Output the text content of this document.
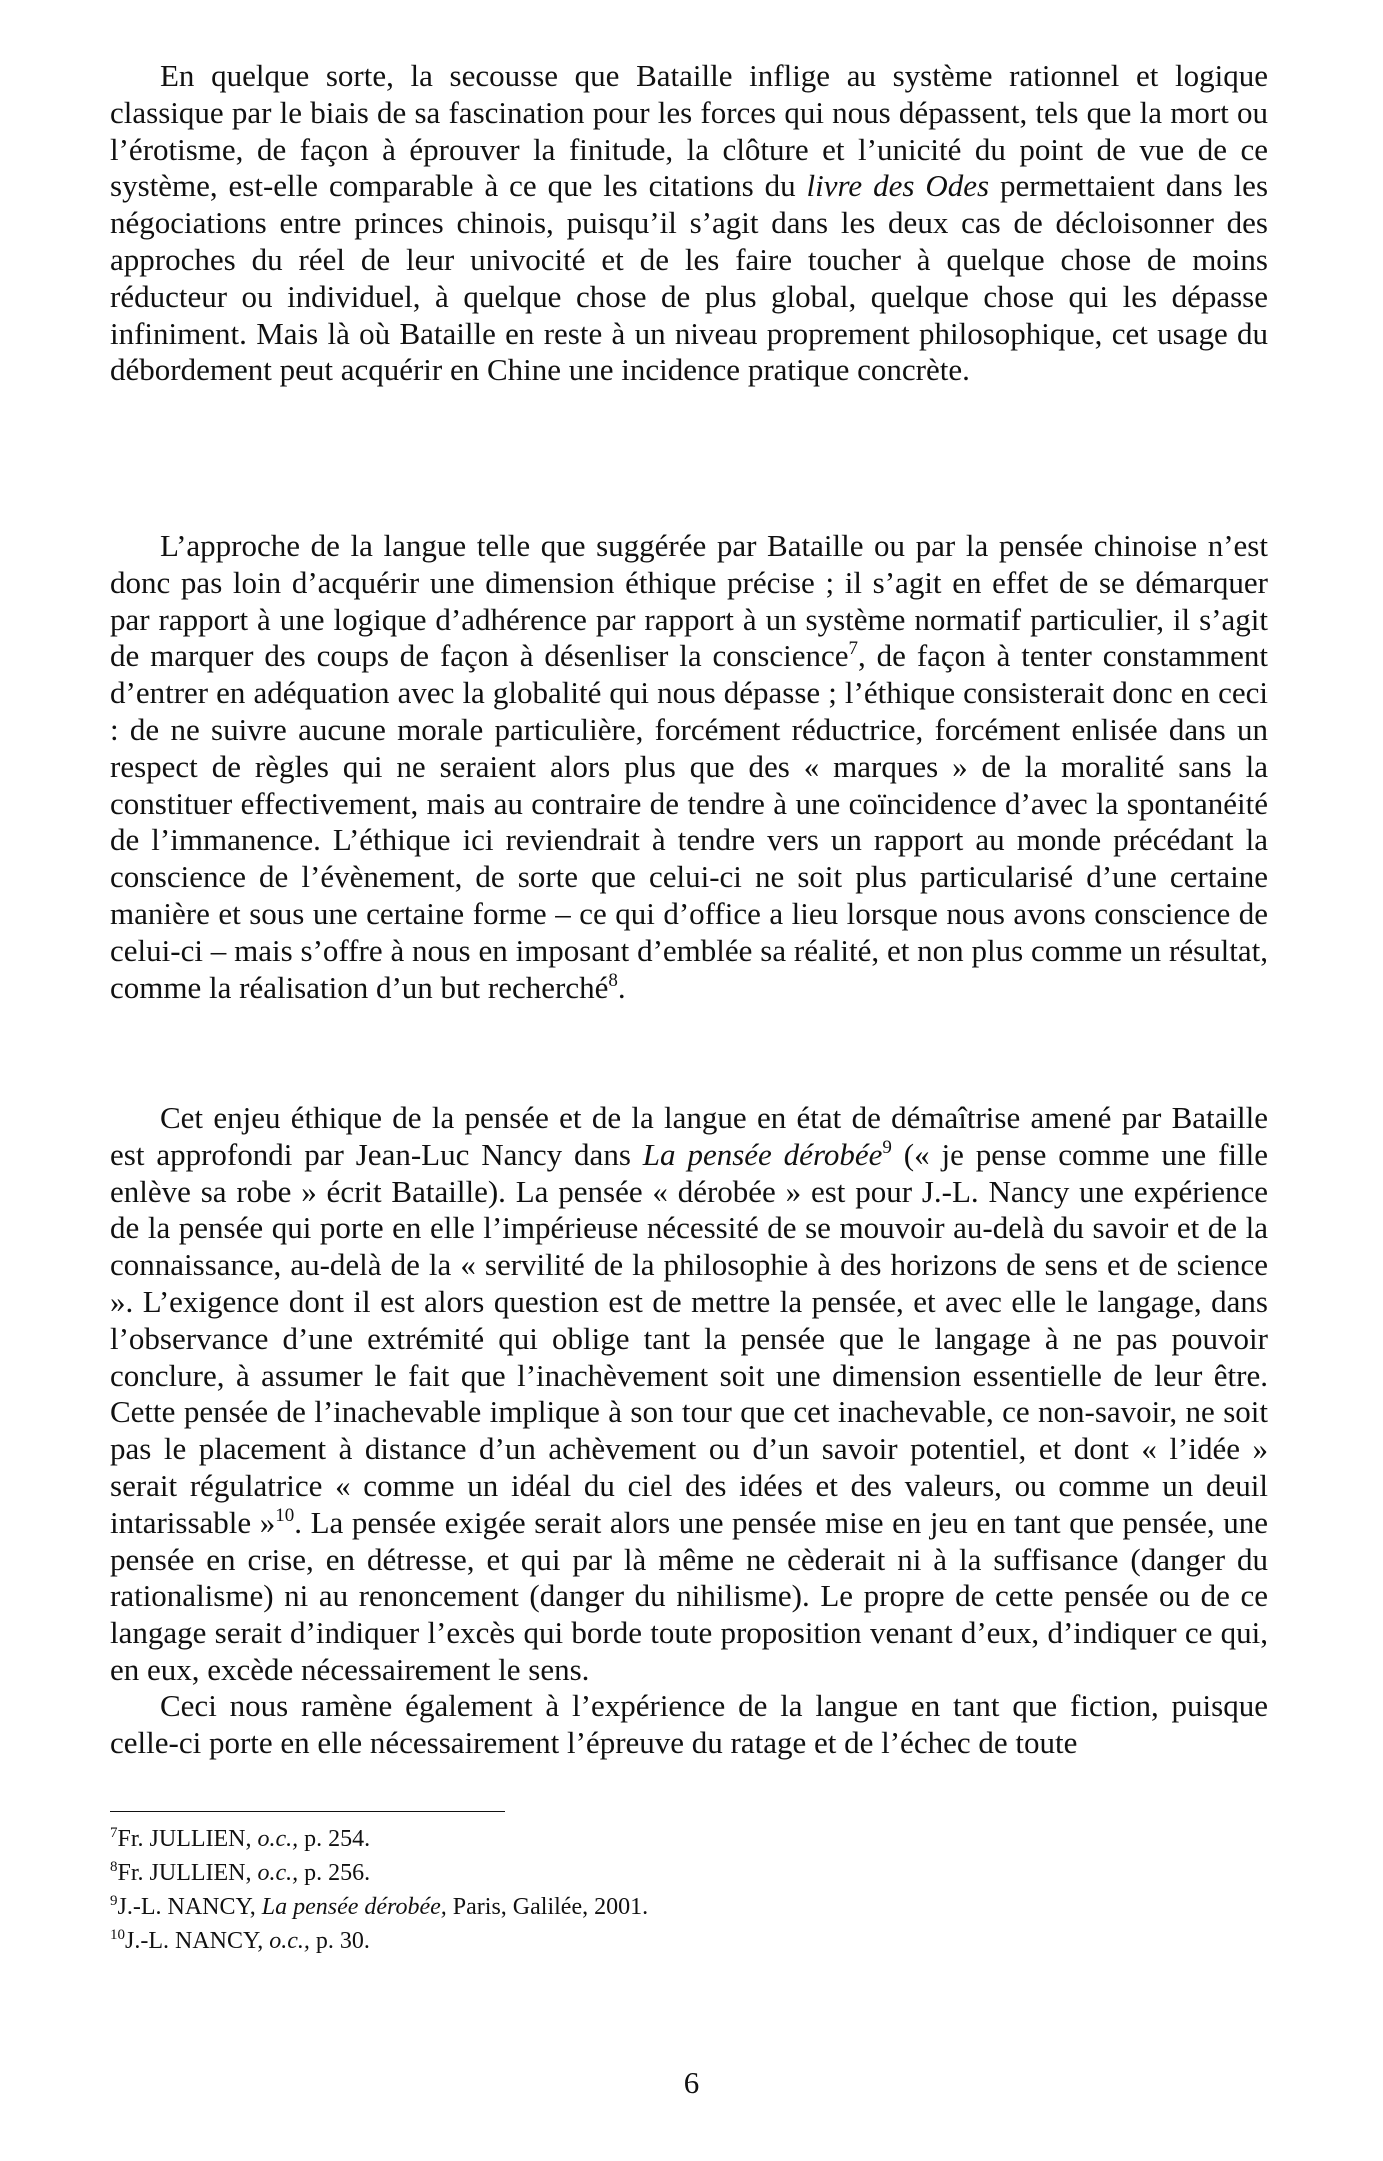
En quelque sorte, la secousse que Bataille inflige au système rationnel et logique classique par le biais de sa fascination pour les forces qui nous dépassent, tels que la mort ou l’érotisme, de façon à éprouver la finitude, la clôture et l’unicité du point de vue de ce système, est-elle comparable à ce que les citations du livre des Odes permettaient dans les négociations entre princes chinois, puisqu’il s’agit dans les deux cas de décloisonner des approches du réel de leur univocité et de les faire toucher à quelque chose de moins réducteur ou individuel, à quelque chose de plus global, quelque chose qui les dépasse infiniment. Mais là où Bataille en reste à un niveau proprement philosophique, cet usage du débordement peut acquérir en Chine une incidence pratique concrète.

L’approche de la langue telle que suggérée par Bataille ou par la pensée chinoise n’est donc pas loin d’acquérir une dimension éthique précise ; il s’agit en effet de se démarquer par rapport à une logique d’adhérence par rapport à un système normatif particulier, il s’agit de marquer des coups de façon à désenliser la conscience$^7$, de façon à tenter constamment d’entrer en adéquation avec la globalité qui nous dépasse ; l’éthique consisterait donc en ceci : de ne suivre aucune morale particulière, forcément réductrice, forcément enlisée dans un respect de règles qui ne seraient alors plus que des « marques » de la moralité sans la constituer effectivement, mais au contraire de tendre à une coïncidence d’avec la spontanéité de l’immanence. L’éthique ici reviendrait à tendre vers un rapport au monde précédant la conscience de l’évènement, de sorte que celui-ci ne soit plus particularisé d’une certaine manière et sous une certaine forme – ce qui d’office a lieu lorsque nous avons conscience de celui-ci – mais s’offre à nous en imposant d’emblée sa réalité, et non plus comme un résultat, comme la réalisation d’un but recherché$^8$.

Cet enjeu éthique de la pensée et de la langue en état de démaîtrise amené par Bataille est approfondi par Jean-Luc Nancy dans La pensée dérobée$^9$ (« je pense comme une fille enlève sa robe » écrit Bataille). La pensée « dérobée » est pour J.-L. Nancy une expérience de la pensée qui porte en elle l’impérieuse nécessité de se mouvoir au-delà du savoir et de la connaissance, au-delà de la « servilité de la philosophie à des horizons de sens et de science ». L’exigence dont il est alors question est de mettre la pensée, et avec elle le langage, dans l’observance d’une extrémité qui oblige tant la pensée que le langage à ne pas pouvoir conclure, à assumer le fait que l’inachèvement soit une dimension essentielle de leur être. Cette pensée de l’inachevable implique à son tour que cet inachevable, ce non-savoir, ne soit pas le placement à distance d’un achèvement ou d’un savoir potentiel, et dont « l’idée » serait régulatrice « comme un idéal du ciel des idées et des valeurs, ou comme un deuil intarissable »$^{10}$. La pensée exigée serait alors une pensée mise en jeu en tant que pensée, une pensée en crise, en détresse, et qui par là même ne cèderait ni à la suffisance (danger du rationalisme) ni au renoncement (danger du nihilisme). Le propre de cette pensée ou de ce langage serait d’indiquer l’excès qui borde toute proposition venant d’eux, d’indiquer ce qui, en eux, excède nécessairement le sens.

Ceci nous ramène également à l’expérience de la langue en tant que fiction, puisque celle-ci porte en elle nécessairement l’épreuve du ratage et de l’échec de toute

$^7$Fr. JULLIEN, o.c., p. 254.
$^8$Fr. JULLIEN, o.c., p. 256.
$^9$J.-L. NANCY, La pensée dérobée, Paris, Galilée, 2001.
$^{10}$J.-L. NANCY, o.c., p. 30.
6
